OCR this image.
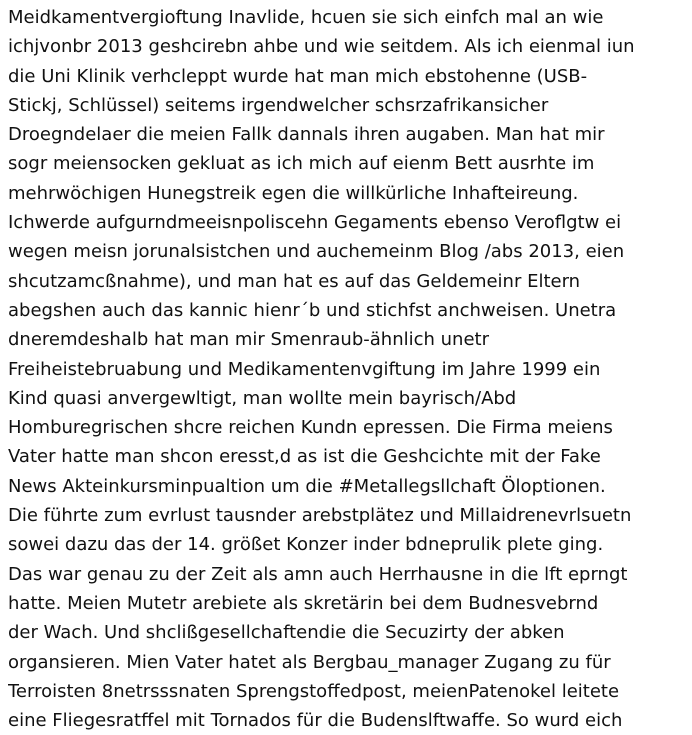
Meidkamentvergioftung Inavlide, hcuen sie sich einfch mal an wie
ichjvonbr 2013 geshcirebn ahbe und wie seitdem. Als ich eienmal iun
die Uni Klinik verhcleppt wurde hat man mich ebstohenne (USB-
Stickj, Schlüssel) seitems irgendwelcher schsrzafrikansicher
Droegndelaer die meien Fallk dannals ihren augaben. Man hat mir
sogr meiensocken gekluat as ich mich auf eienm Bett ausrhte im
mehrwöchigen Hunegstreik egen die willkürliche Inhafteireung.
Ichwerde aufgurndmeeisnpoliscehn Gegaments ebenso Veroflgtw ei
wegen meisn jorunalsistchen und auchemeinm Blog /abs 2013, eien
shcutzamcßnahme), und man hat es auf das Geldemeinr Eltern
abegshen auch das kannic hienr´b und stichfst anchweisen. Unetra
dneremdeshalb hat man mir Smenraub-ähnlich unetr
Freiheistebruabung und Medikamentenvgiftung im Jahre 1999 ein
Kind quasi anvergewltigt, man wollte mein bayrisch/Abd
Homburegrischen shcre reichen Kundn epressen. Die Firma meiens
Vater hatte man shcon eresst,d as ist die Geshcichte mit der Fake
News Akteinkursminpualtion um die #Metallegsllchaft Öloptionen.
Die führte zum evrlust tausnder arebstplätez und Millaidrenevrlsuetn
sowei dazu das der 14. größet Konzer inder bdneprulik plete ging.
Das war genau zu der Zeit als amn auch Herrhausne in die lft eprngt
hatte. Meien Mutetr arebiete als skretärin bei dem Budnesvebrnd
der Wach. Und shclißgesellchaftendie die Secuzirty der abken
organsieren. Mien Vater hatet als Bergbau_manager Zugang zu für
Terroisten 8netrsssnaten Sprengstoffedpost, meienPatenokel leitete
eine Fliegesratffel mit Tornados für die Budenslftwaffe. So wurd eich
